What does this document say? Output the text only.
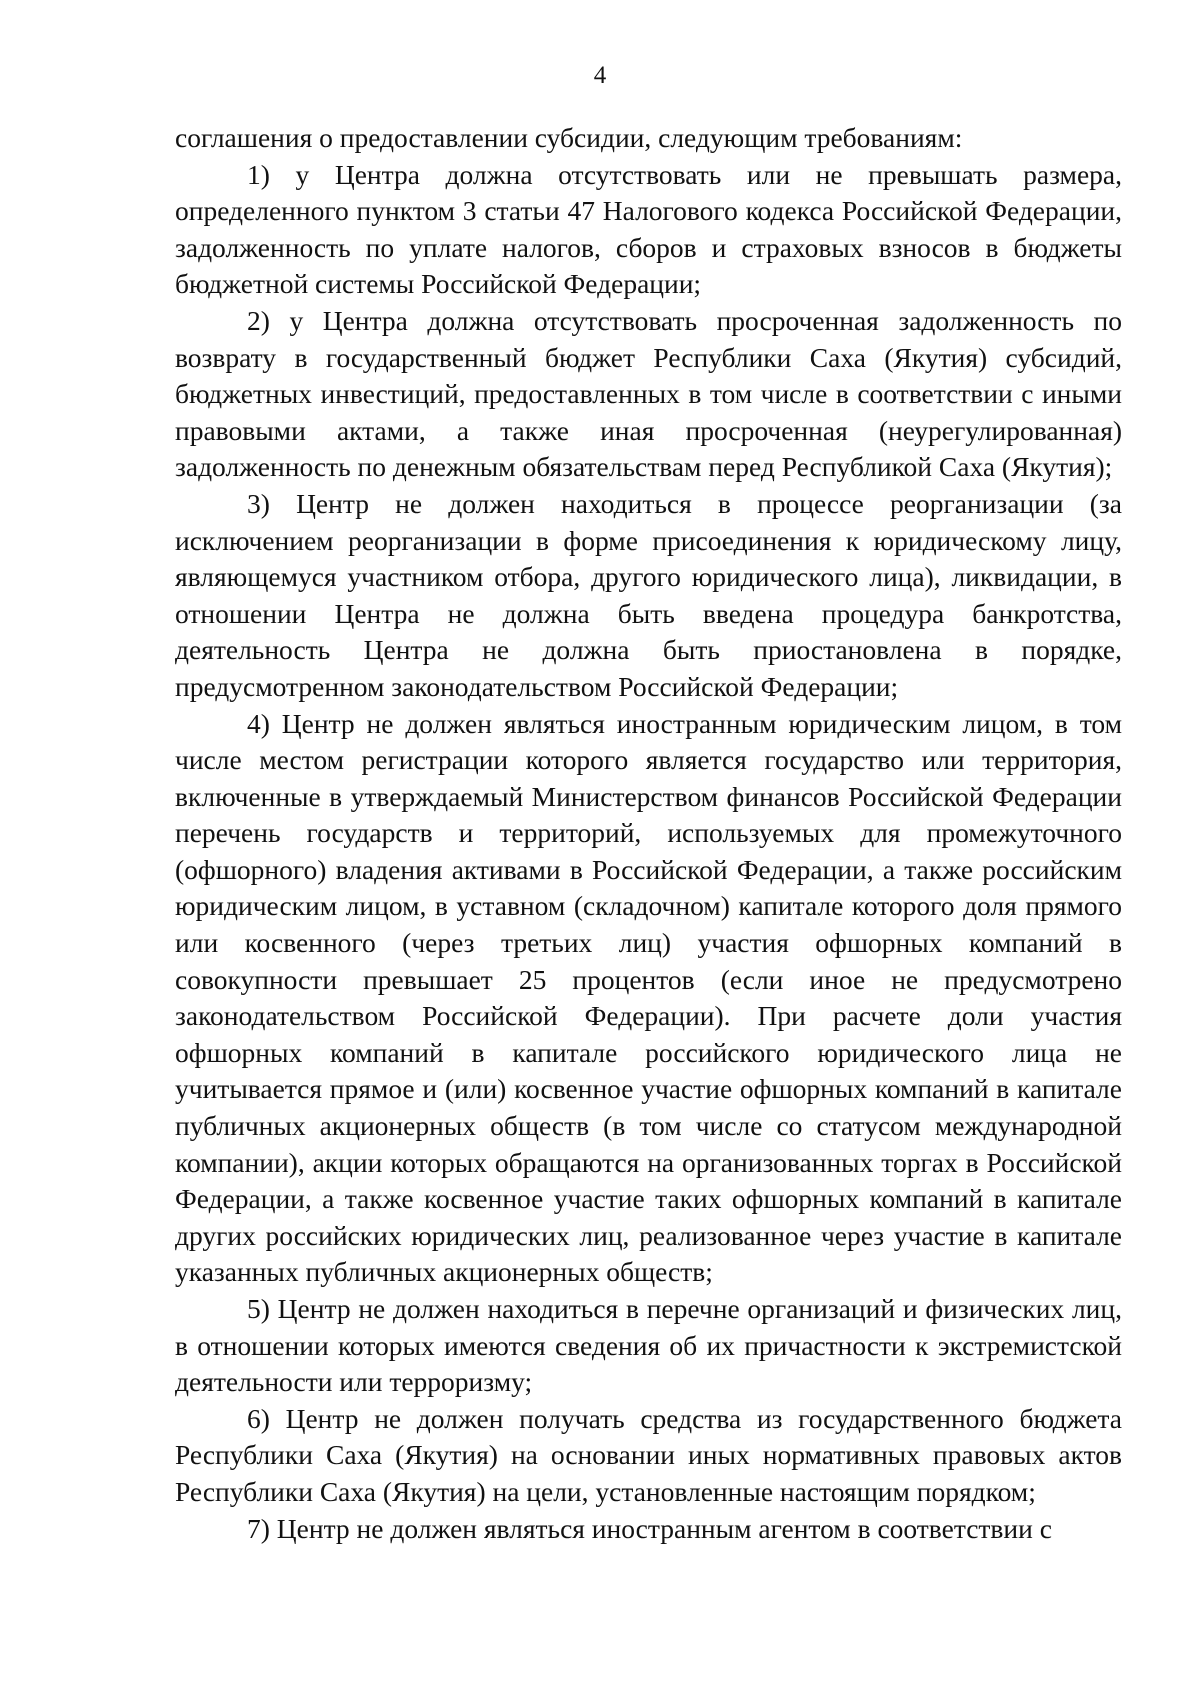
4

соглашения о предоставлении субсидии, следующим требованиям:

1) у Центра должна отсутствовать или не превышать размера, определенного пунктом 3 статьи 47 Налогового кодекса Российской Федерации, задолженность по уплате налогов, сборов и страховых взносов в бюджеты бюджетной системы Российской Федерации;

2) у Центра должна отсутствовать просроченная задолженность по возврату в государственный бюджет Республики Саха (Якутия) субсидий, бюджетных инвестиций, предоставленных в том числе в соответствии с иными правовыми актами, а также иная просроченная (неурегулированная) задолженность по денежным обязательствам перед Республикой Саха (Якутия);

3) Центр не должен находиться в процессе реорганизации (за исключением реорганизации в форме присоединения к юридическому лицу, являющемуся участником отбора, другого юридического лица), ликвидации, в отношении Центра не должна быть введена процедура банкротства, деятельность Центра не должна быть приостановлена в порядке, предусмотренном законодательством Российской Федерации;

4) Центр не должен являться иностранным юридическим лицом, в том числе местом регистрации которого является государство или территория, включенные в утверждаемый Министерством финансов Российской Федерации перечень государств и территорий, используемых для промежуточного (офшорного) владения активами в Российской Федерации, а также российским юридическим лицом, в уставном (складочном) капитале которого доля прямого или косвенного (через третьих лиц) участия офшорных компаний в совокупности превышает 25 процентов (если иное не предусмотрено законодательством Российской Федерации). При расчете доли участия офшорных компаний в капитале российского юридического лица не учитывается прямое и (или) косвенное участие офшорных компаний в капитале публичных акционерных обществ (в том числе со статусом международной компании), акции которых обращаются на организованных торгах в Российской Федерации, а также косвенное участие таких офшорных компаний в капитале других российских юридических лиц, реализованное через участие в капитале указанных публичных акционерных обществ;

5) Центр не должен находиться в перечне организаций и физических лиц, в отношении которых имеются сведения об их причастности к экстремистской деятельности или терроризму;

6) Центр не должен получать средства из государственного бюджета Республики Саха (Якутия) на основании иных нормативных правовых актов Республики Саха (Якутия) на цели, установленные настоящим порядком;

7) Центр не должен являться иностранным агентом в соответствии с
